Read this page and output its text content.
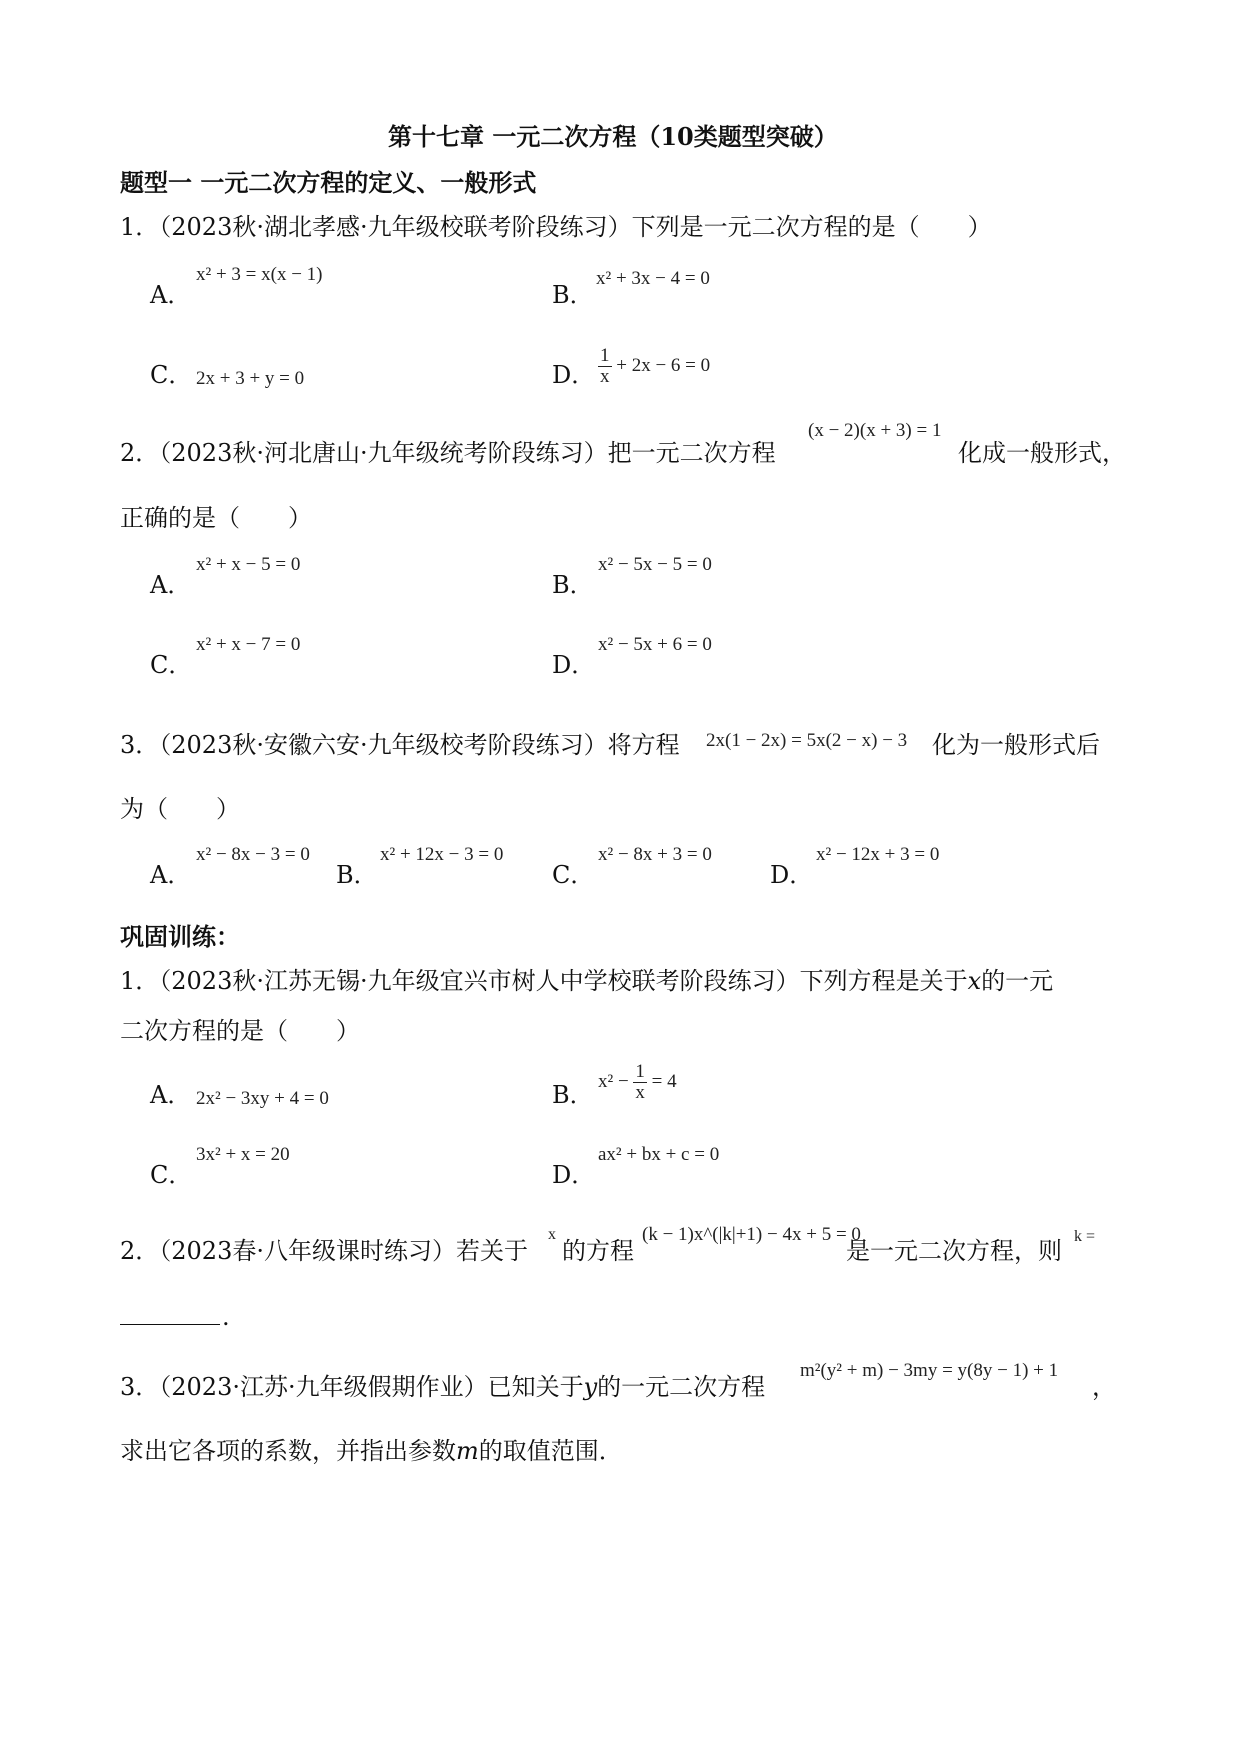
第十七章 一元二次方程（10类题型突破）
题型一 一元二次方程的定义、一般形式
1．（2023秋·湖北孝感·九年级校联考阶段练习）下列是一元二次方程的是（　　）
A．
x² + 3 = x(x − 1)
B．
x² + 3x − 4 = 0
C． 2x + 3 + y = 0	D． $\frac{1}{x} + 2x - 6 = 0$
2．（2023秋·河北唐山·九年级统考阶段练习）把一元二次方程
(x − 2)(x + 3) = 1
化成一般形式，
正确的是（　　）
A．
x² + x − 5 = 0
B．
x² − 5x − 5 = 0
C．
x² + x − 7 = 0
D．
x² − 5x + 6 = 0
3．（2023秋·安徽六安·九年级校考阶段练习）将方程 2x(1 − 2x) = 5x(2 − x) − 3 化为一般形式后
为（　　）
A．
x² − 8x − 3 = 0
B．
x² + 12x − 3 = 0
C．
x² − 8x + 3 = 0
D．
x² − 12x + 3 = 0
巩固训练：
1．（2023秋·江苏无锡·九年级宜兴市树人中学校联考阶段练习）下列方程是关于x的一元
二次方程的是（　　）
A． 2x² − 3xy + 4 = 0	B． $x^2 - \frac{1}{x} = 4$
C．
3x² + x = 20
D．
ax² + bx + c = 0
2．（2023春·八年级课时练习）若关于
x
的方程
(k − 1)x^(|k|+1) − 4x + 5 = 0
是一元二次方程，则
k =
.
3．（2023·江苏·九年级假期作业）已知关于y的一元二次方程
m²(y² + m) − 3my = y(8y − 1) + 1
，
求出它各项的系数，并指出参数m的取值范围．
